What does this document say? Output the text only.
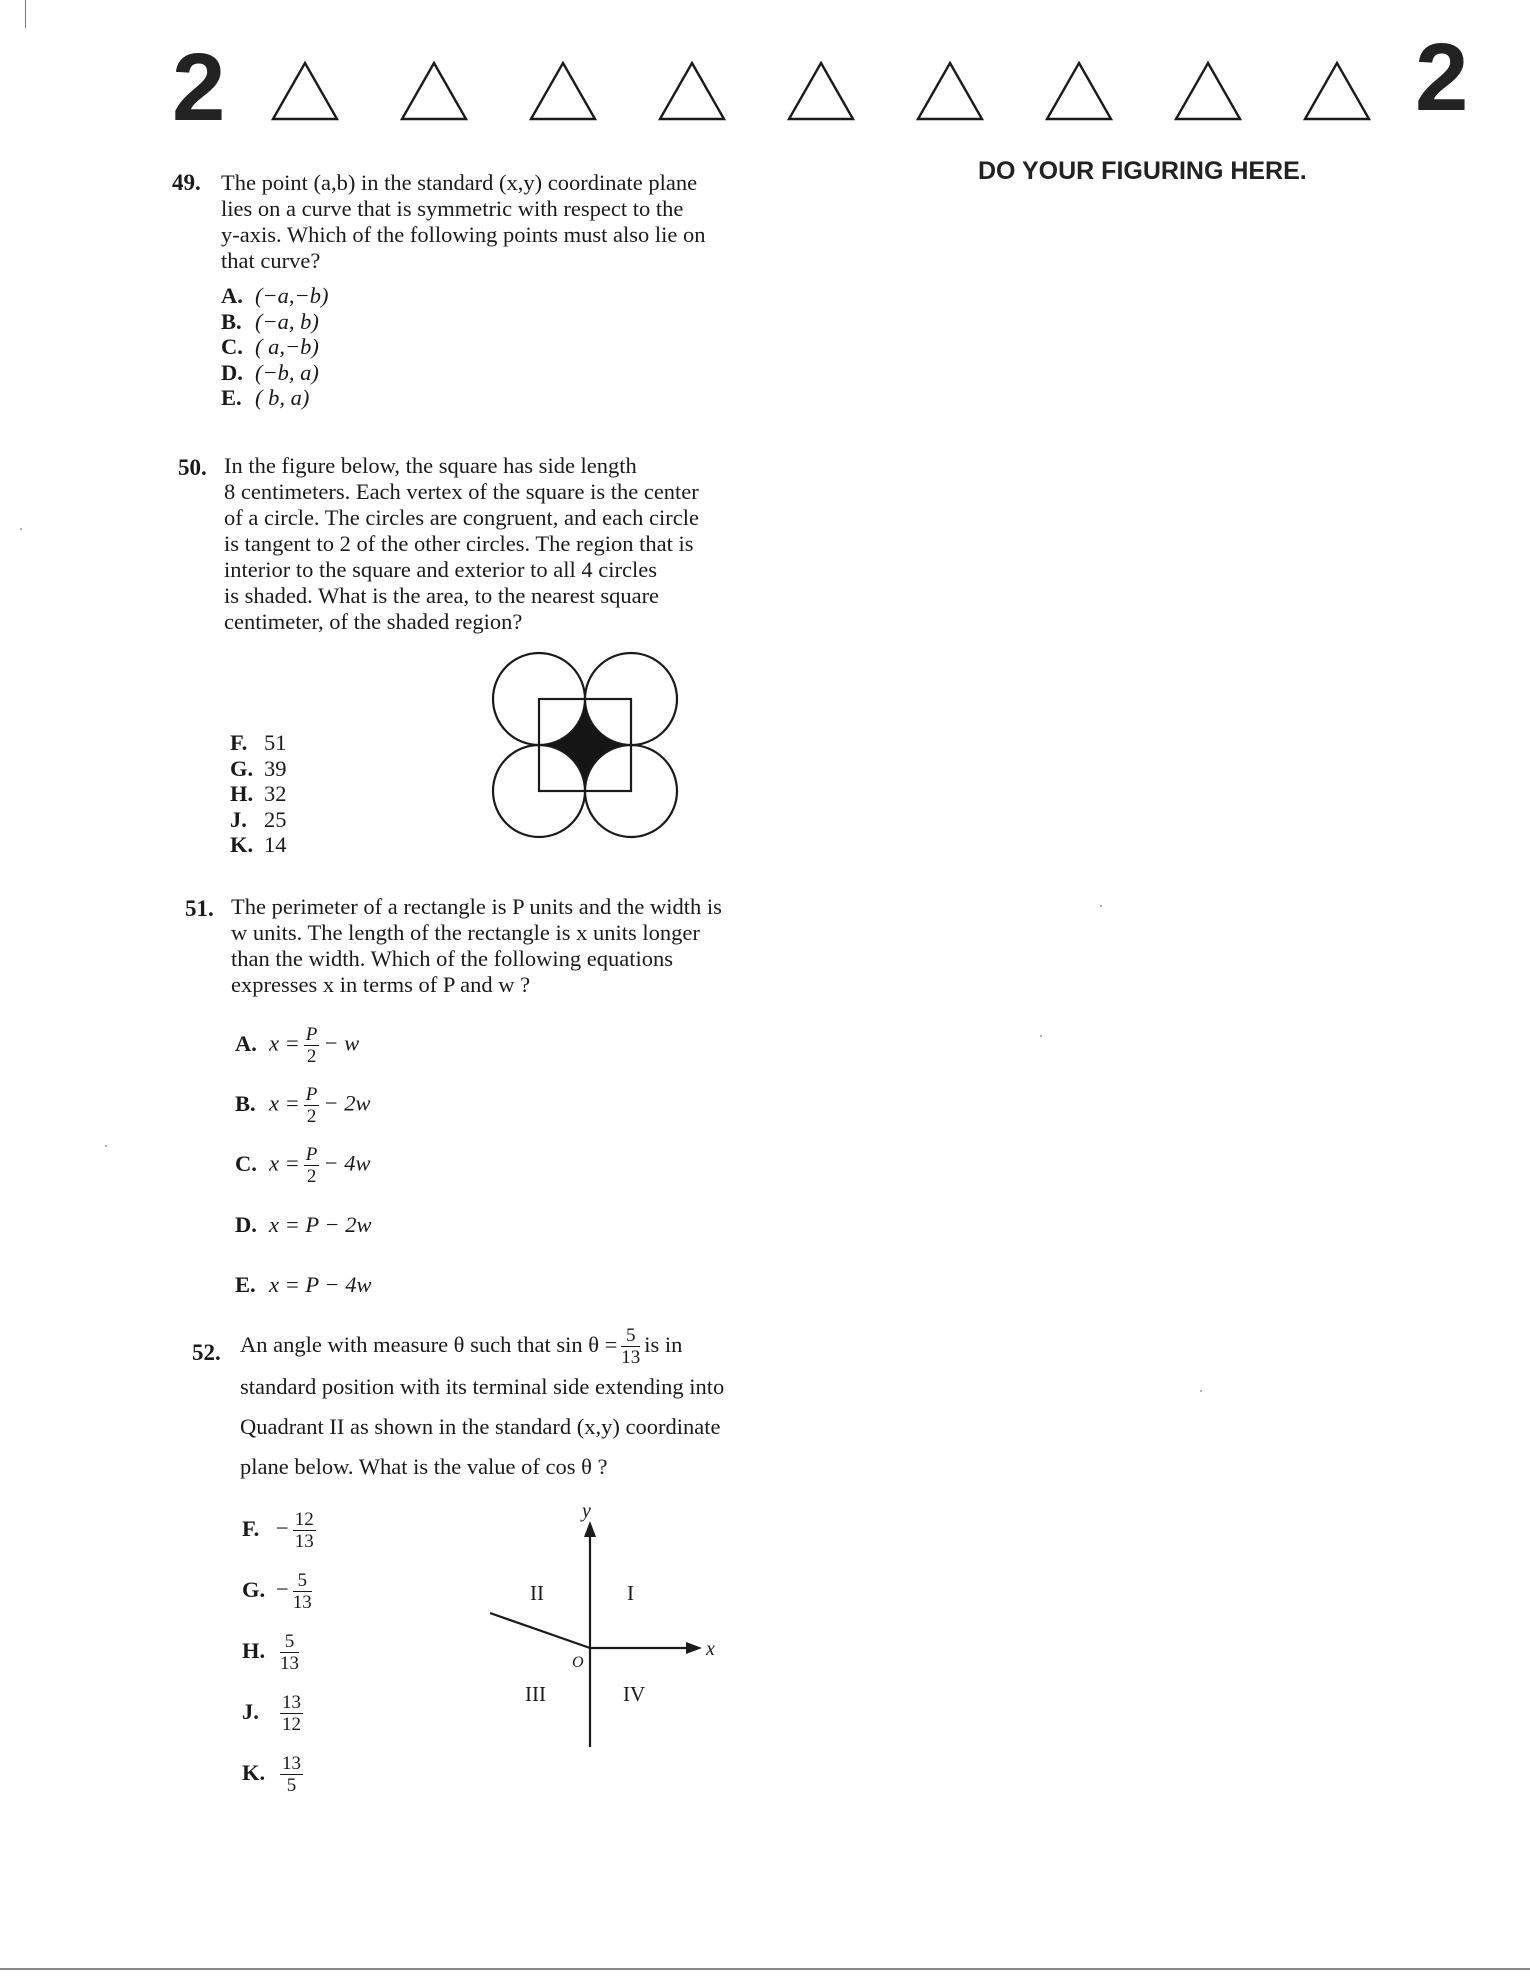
2	2
DO YOUR FIGURING HERE.
49. The point (a,b) in the standard (x,y) coordinate plane
lies on a curve that is symmetric with respect to the
y-axis. Which of the following points must also lie on
that curve?
A. (−a,−b)
B. (−a, b)
C. ( a,−b)
D. (−b, a)
E. ( b, a)
50. In the figure below, the square has side length
8 centimeters. Each vertex of the square is the center
of a circle. The circles are congruent, and each circle
is tangent to 2 of the other circles. The region that is
interior to the square and exterior to all 4 circles
is shaded. What is the area, to the nearest square
centimeter, of the shaded region?
F. 51
G. 39
H. 32
J. 25
K. 14
51. The perimeter of a rectangle is P units and the width is
w units. The length of the rectangle is x units longer
than the width. Which of the following equations
expresses x in terms of P and w ?
A. $x = \frac{P}{2} - w$
B. $x = \frac{P}{2} - 2w$
C. $x = \frac{P}{2} - 4w$
D. x = P − 2w
E. x = P − 4w
52. An angle with measure θ such that $\sin \theta = \frac{5}{13}$ is in
standard position with its terminal side extending into
Quadrant II as shown in the standard (x,y) coordinate
plane below. What is the value of cos θ ?
F. − $\frac{12}{13}$
G. − $\frac{5}{13}$
H. $\frac{5}{13}$
J. $\frac{13}{12}$
K. $\frac{13}{5}$
y
x
O
II	I
III	IV
